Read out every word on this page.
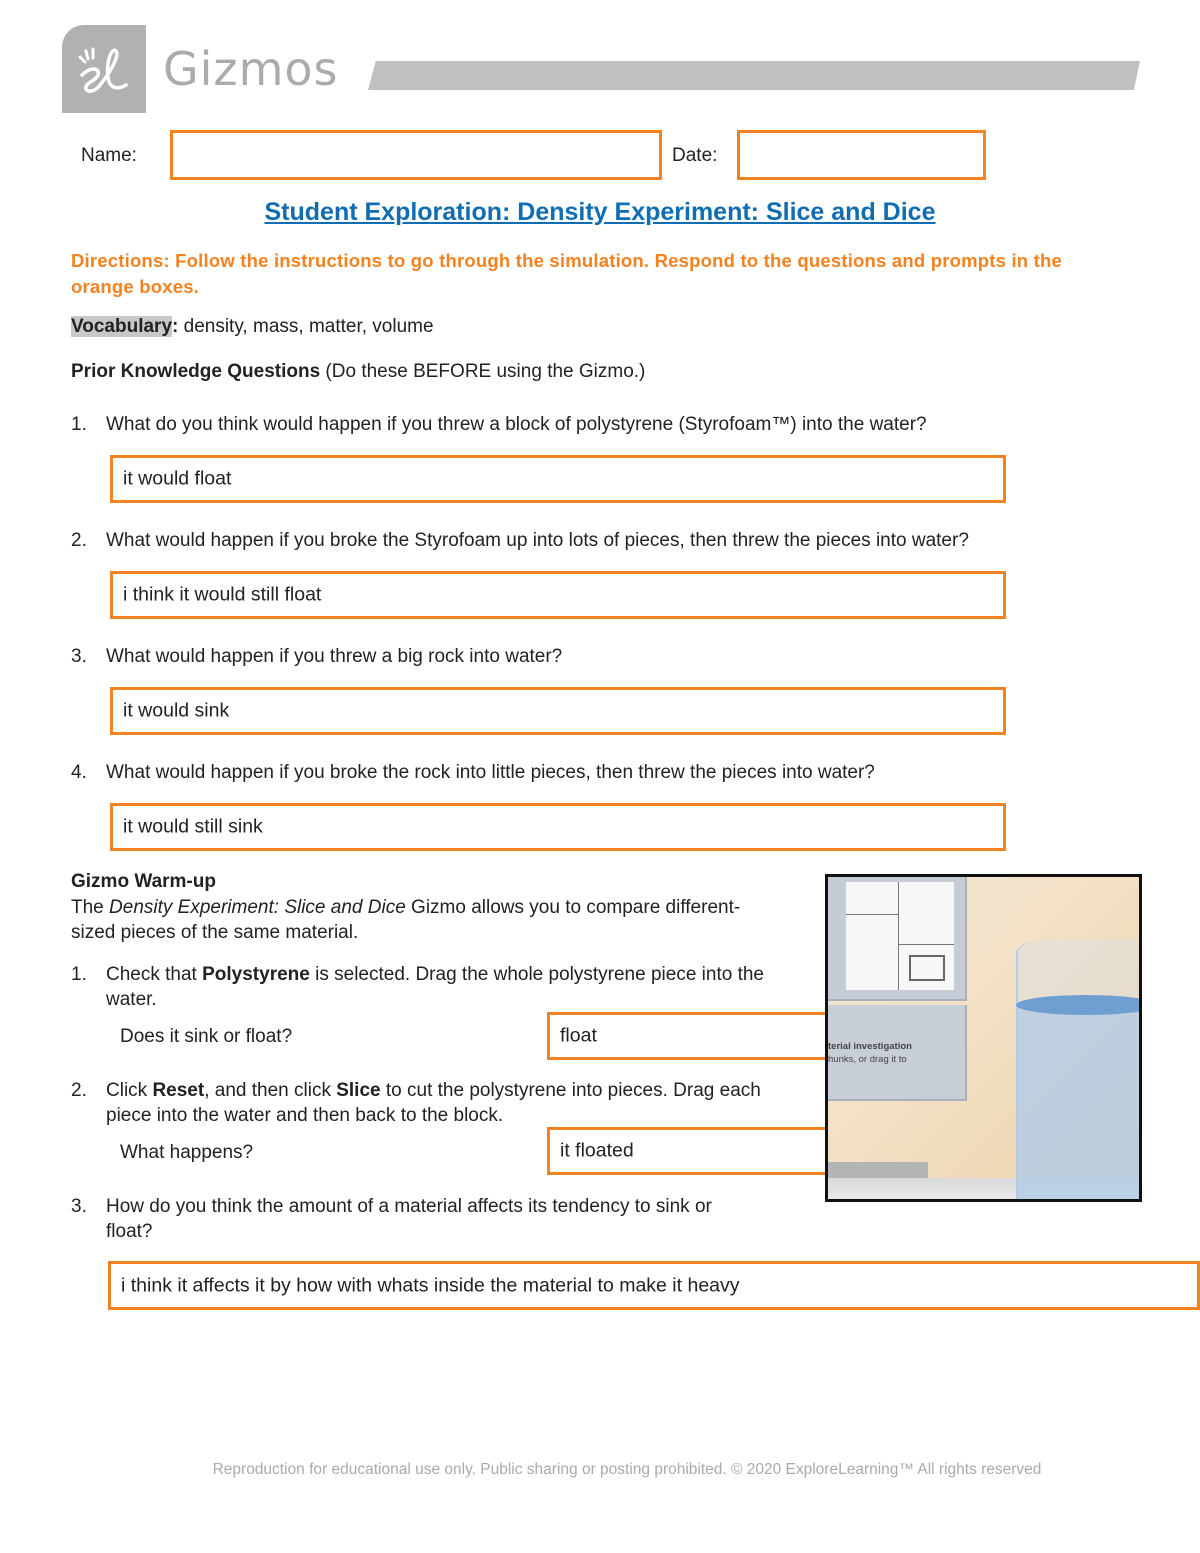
Gizmos
Name:	Date:
Student Exploration: Density Experiment: Slice and Dice
Directions: Follow the instructions to go through the simulation. Respond to the questions and prompts in the orange boxes.
Vocabulary: density, mass, matter, volume
Prior Knowledge Questions (Do these BEFORE using the Gizmo.)
1. What do you think would happen if you threw a block of polystyrene (Styrofoam™) into the water?
it would float
2. What would happen if you broke the Styrofoam up into lots of pieces, then threw the pieces into water?
i think it would still float
3. What would happen if you threw a big rock into water?
it would sink
4. What would happen if you broke the rock into little pieces, then threw the pieces into water?
it would still sink
Gizmo Warm-up
The Density Experiment: Slice and Dice Gizmo allows you to compare different-sized pieces of the same material.
float
it floated
1. Check that Polystyrene is selected. Drag the whole polystyrene piece into the water.
Does it sink or float?
2. Click Reset, and then click Slice to cut the polystyrene into pieces. Drag each piece into the water and then back to the block.
What happens?
3. How do you think the amount of a material affects its tendency to sink or float?
i think it affects it by how with whats inside the material to make it heavy
terial investigation
hunks, or drag it to
Reproduction for educational use only. Public sharing or posting prohibited. © 2020 ExploreLearning™ All rights reserved
